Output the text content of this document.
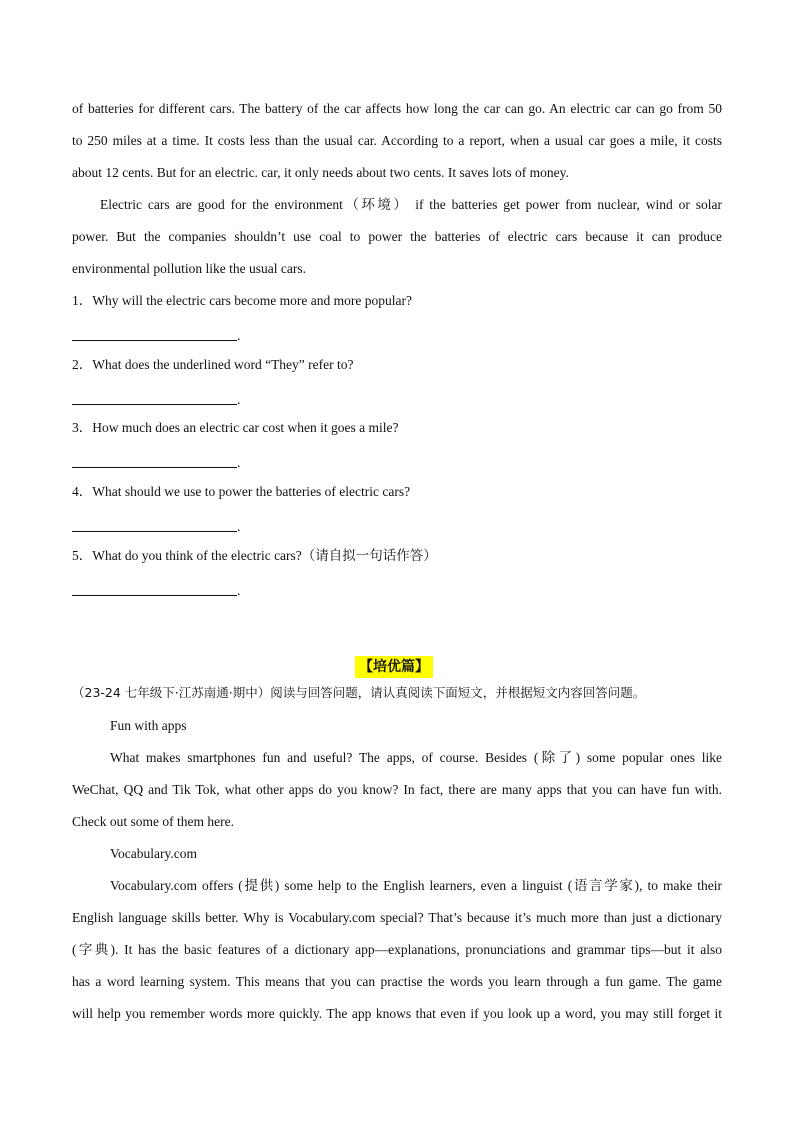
of batteries for different cars. The battery of the car affects how long the car can go. An electric car can go from 50
to 250 miles at a time. It costs less than the usual car. According to a report, when a usual car goes a mile, it costs
about 12 cents. But for an electric. car, it only needs about two cents. It saves lots of money.
Electric cars are good for the environment（环境） if the batteries get power from nuclear, wind or solar
power. But the companies shouldn’t use coal to power the batteries of electric cars because it can produce
environmental pollution like the usual cars.
1．Why will the electric cars become more and more popular?
.
2．What does the underlined word “They” refer to?
.
3．How much does an electric car cost when it goes a mile?
.
4．What should we use to power the batteries of electric cars?
.
5．What do you think of the electric cars?（请自拟一句话作答）
.
【培优篇】
（23-24 七年级下·江苏南通·期中）阅读与回答问题，请认真阅读下面短文，并根据短文内容回答问题。
Fun with apps
What makes smartphones fun and useful? The apps, of course. Besides (除了) some popular ones like
WeChat, QQ and Tik Tok, what other apps do you know? In fact, there are many apps that you can have fun with.
Check out some of them here.
Vocabulary.com
Vocabulary.com offers (提供) some help to the English learners, even a linguist (语言学家), to make their
English language skills better. Why is Vocabulary.com special? That’s because it’s much more than just a dictionary
(字典). It has the basic features of a dictionary app—explanations, pronunciations and grammar tips—but it also
has a word learning system. This means that you can practise the words you learn through a fun game. The game
will help you remember words more quickly. The app knows that even if you look up a word, you may still forget it
